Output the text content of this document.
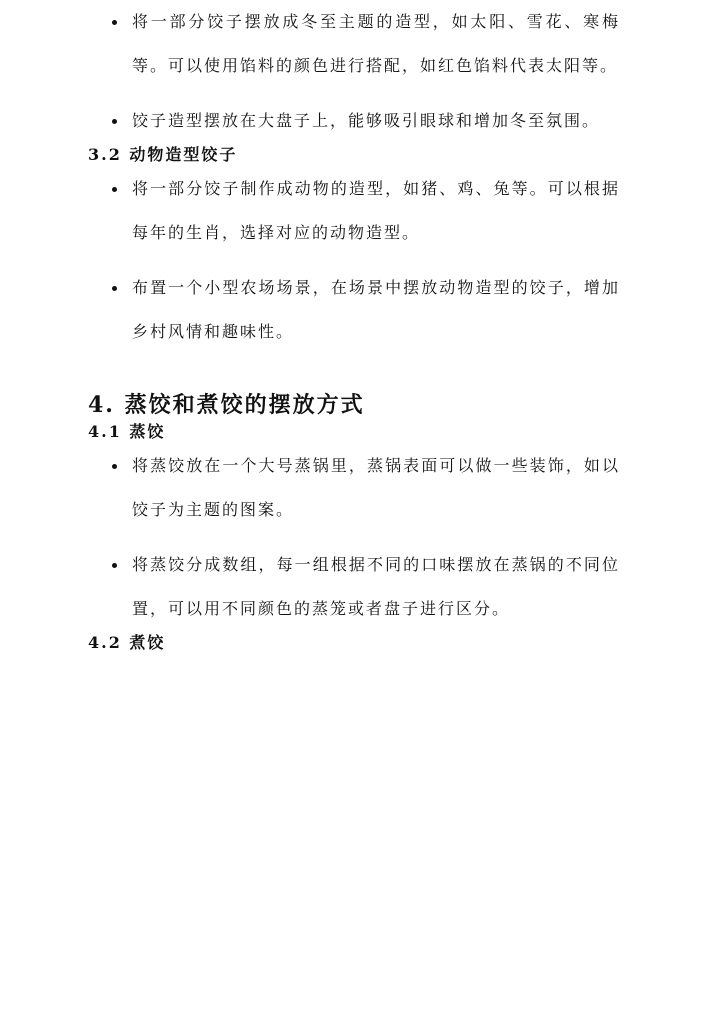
将一部分饺子摆放成冬至主题的造型，如太阳、雪花、寒梅等。可以使用馅料的颜色进行搭配，如红色馅料代表太阳等。
饺子造型摆放在大盘子上，能够吸引眼球和增加冬至氛围。
3.2 动物造型饺子
将一部分饺子制作成动物的造型，如猪、鸡、兔等。可以根据每年的生肖，选择对应的动物造型。
布置一个小型农场场景，在场景中摆放动物造型的饺子，增加乡村风情和趣味性。
4. 蒸饺和煮饺的摆放方式
4.1 蒸饺
将蒸饺放在一个大号蒸锅里，蒸锅表面可以做一些装饰，如以饺子为主题的图案。
将蒸饺分成数组，每一组根据不同的口味摆放在蒸锅的不同位置，可以用不同颜色的蒸笼或者盘子进行区分。
4.2 煮饺
